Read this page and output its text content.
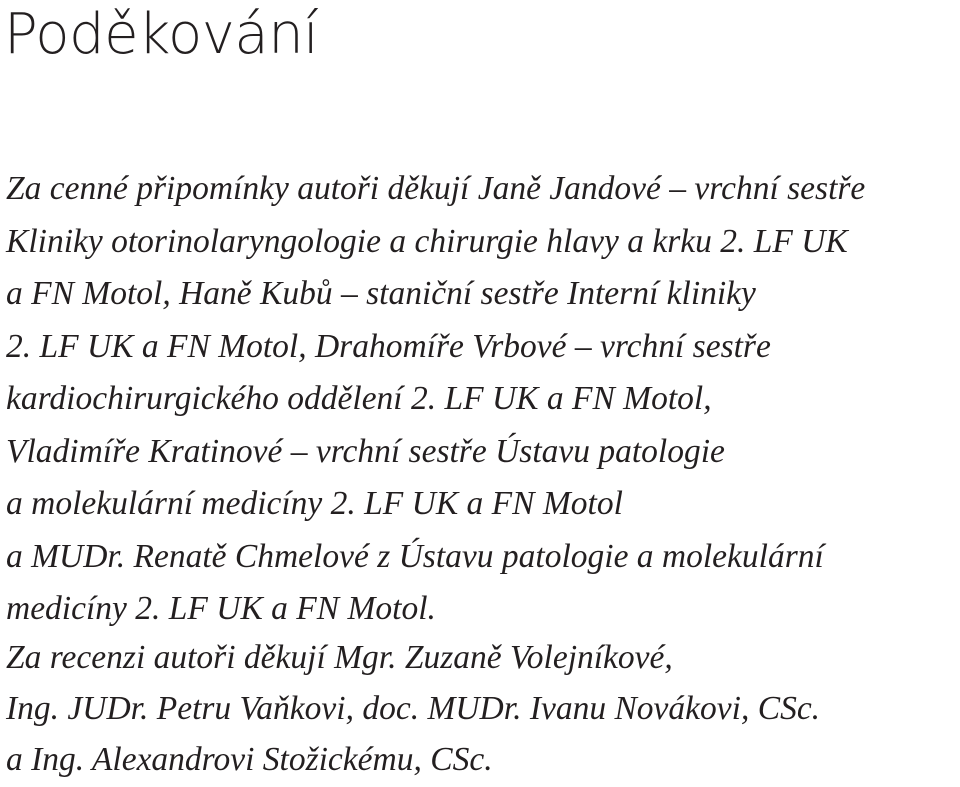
Poděkování

Za cenné připomínky autoři děkují Janě Jandové – vrchní sestře
Kliniky otorinolaryngologie a chirurgie hlavy a krku 2. LF UK
a FN Motol, Haně Kubů – staniční sestře Interní kliniky
2. LF UK a FN Motol, Drahomíře Vrbové – vrchní sestře
kardiochirurgického oddělení 2. LF UK a FN Motol,
Vladimíře Kratinové – vrchní sestře Ústavu patologie
a molekulární medicíny 2. LF UK a FN Motol
a MUDr. Renatě Chmelové z Ústavu patologie a molekulární
medicíny 2. LF UK a FN Motol.

Za recenzi autoři děkují Mgr. Zuzaně Volejníkové,
Ing. JUDr. Petru Vaňkovi, doc. MUDr. Ivanu Novákovi, CSc.
a Ing. Alexandrovi Stožickému, CSc.
